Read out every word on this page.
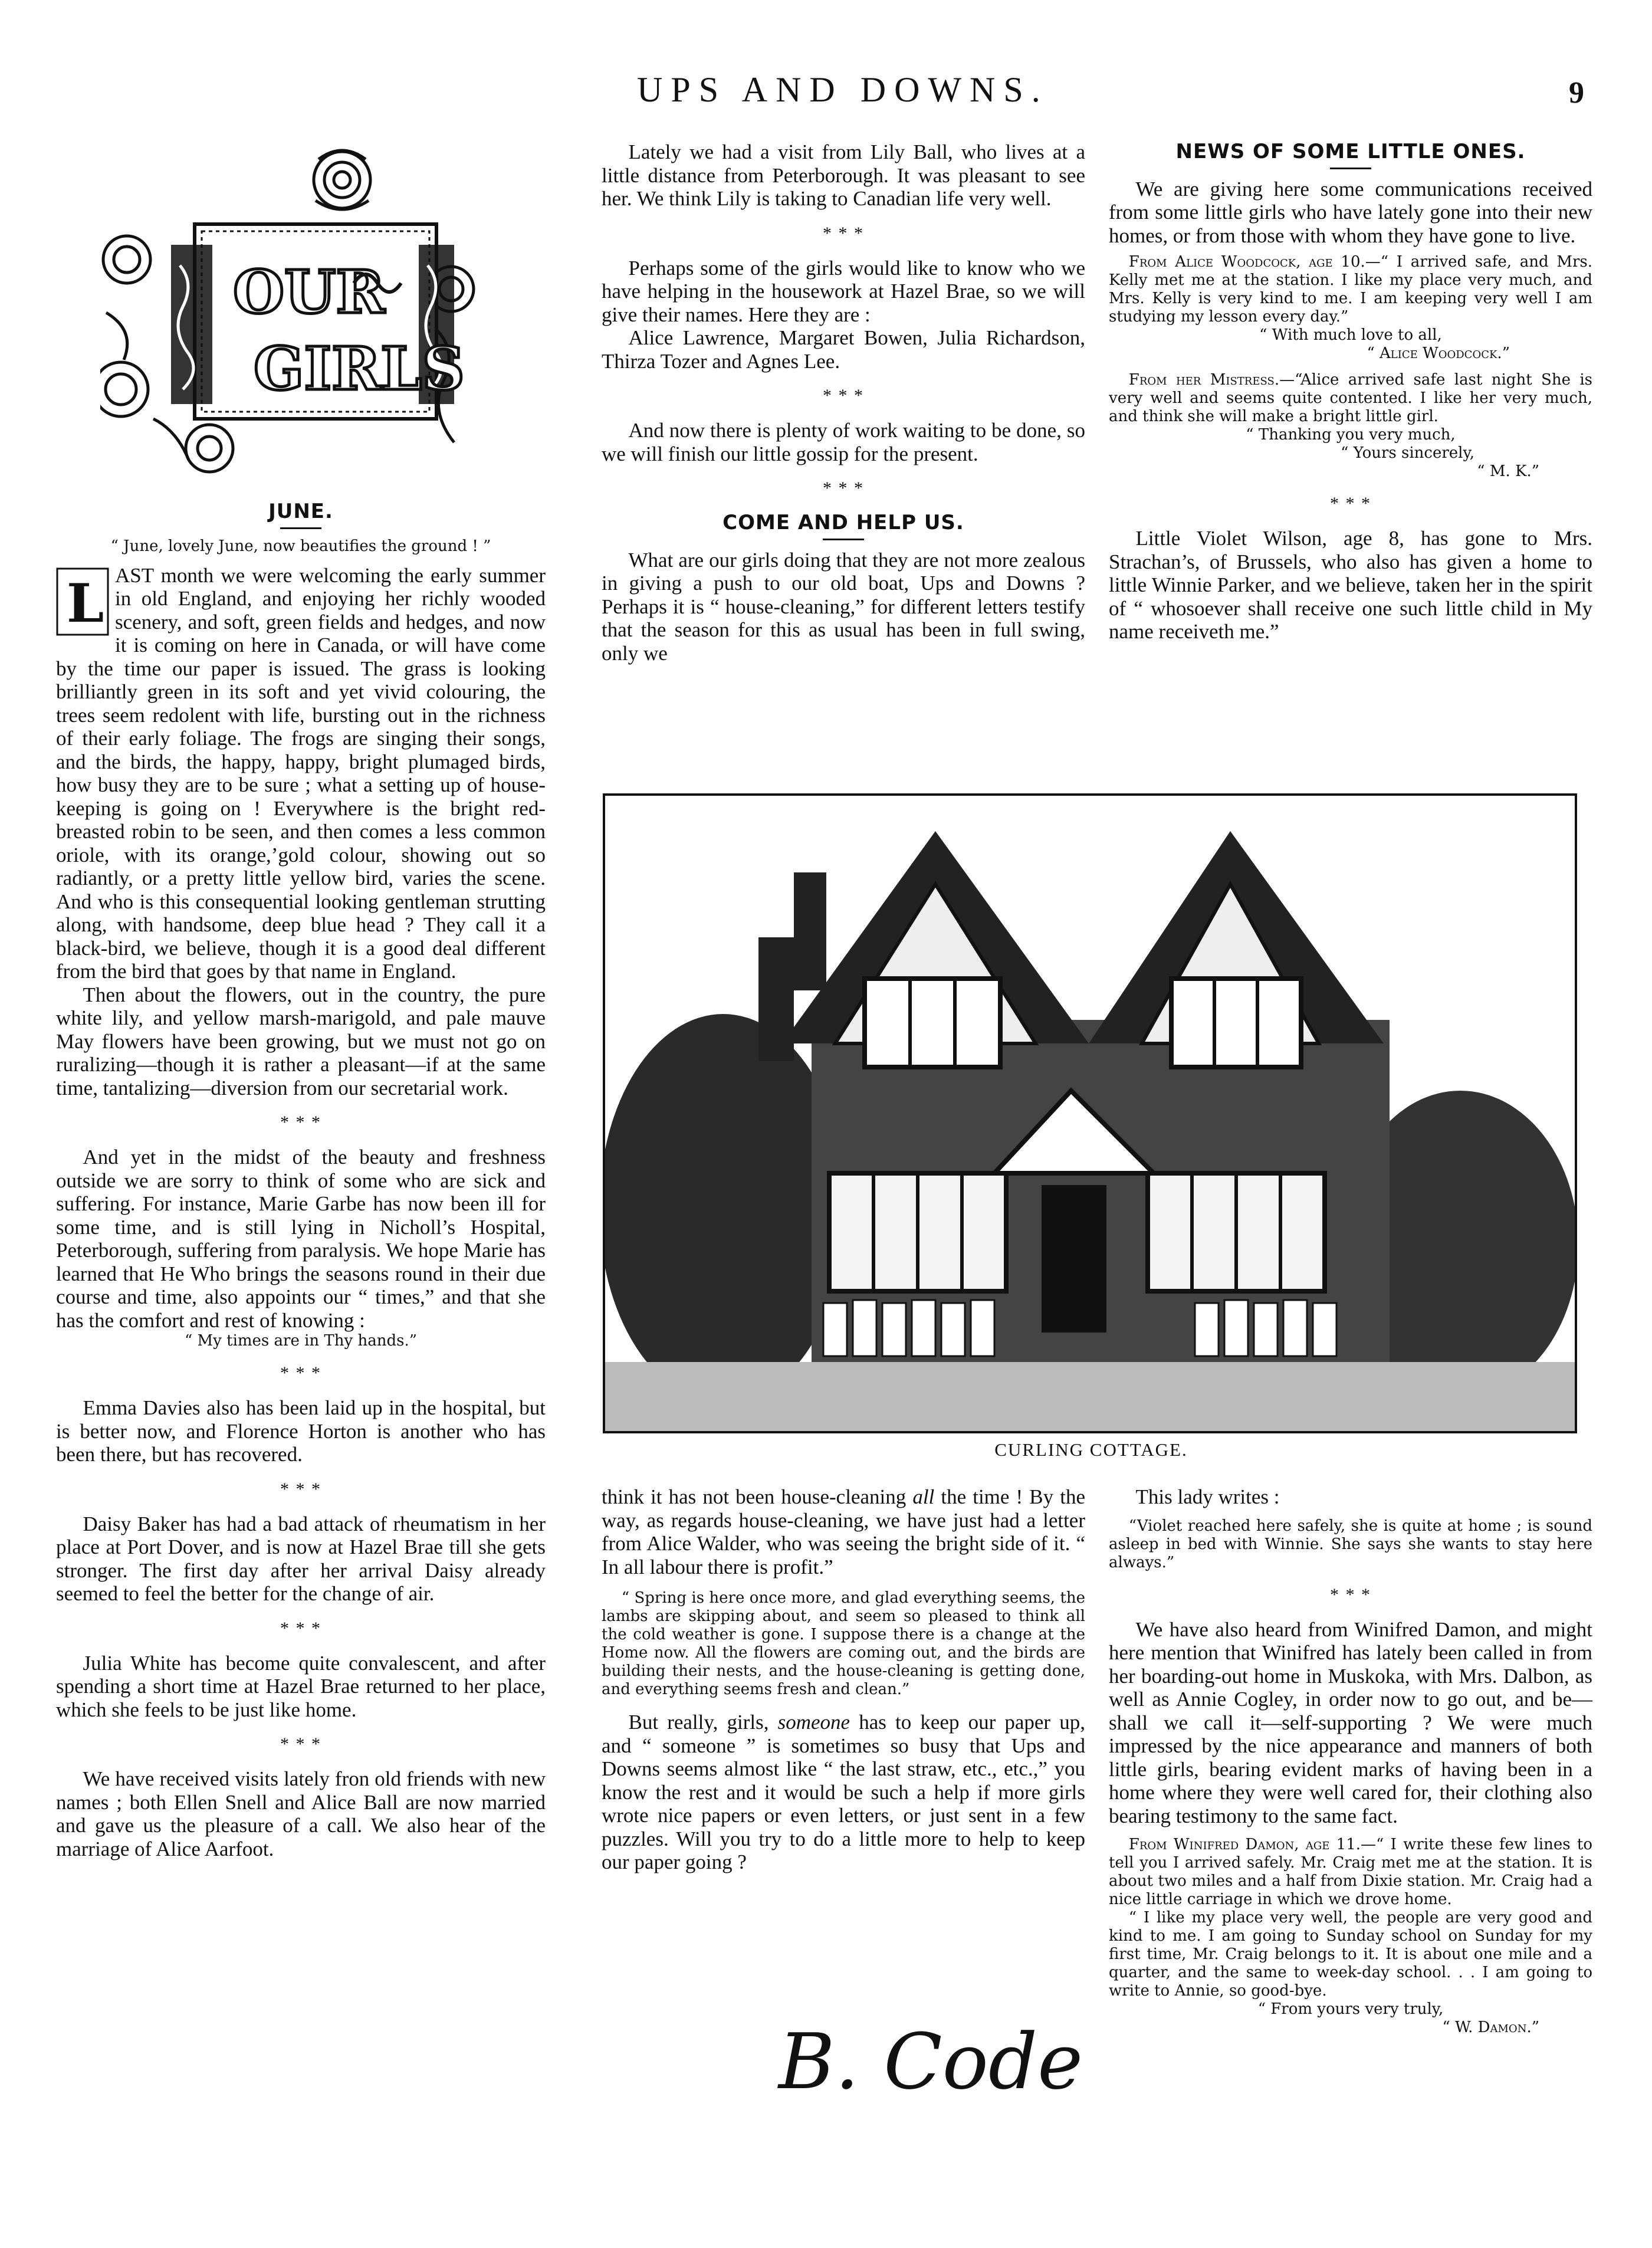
UPS AND DOWNS.	9
OUR
GIRLS
JUNE.
“ June, lovely June, now beautifies the ground ! ”

L AST month we were welcoming the early summer in old England, and enjoying her richly wooded scenery, and soft, green fields and hedges, and now it is coming on here in Canada, or will have come by the time our paper is issued. The grass is looking brilliantly green in its soft and yet vivid colouring, the trees seem redolent with life, bursting out in the richness of their early foliage. The frogs are singing their songs, and the birds, the happy, happy, bright plumaged birds, how busy they are to be sure ; what a setting up of house-keeping is going on ! Everywhere is the bright red-breasted robin to be seen, and then comes a less common oriole, with its orange,’gold colour, showing out so radiantly, or a pretty little yellow bird, varies the scene. And who is this consequential looking gentleman strutting along, with handsome, deep blue head ? They call it a black-bird, we believe, though it is a good deal different from the bird that goes by that name in England.

Then about the flowers, out in the country, the pure white lily, and yellow marsh-marigold, and pale mauve May flowers have been growing, but we must not go on ruralizing—though it is rather a pleasant—if at the same time, tantalizing—diversion from our secretarial work.

* * *

And yet in the midst of the beauty and freshness outside we are sorry to think of some who are sick and suffering. For instance, Marie Garbe has now been ill for some time, and is still lying in Nicholl’s Hospital, Peterborough, suffering from paralysis. We hope Marie has learned that He Who brings the seasons round in their due course and time, also appoints our “ times,” and that she has the comfort and rest of knowing :

“ My times are in Thy hands.”
* * *

Emma Davies also has been laid up in the hospital, but is better now, and Florence Horton is another who has been there, but has recovered.

* * *

Daisy Baker has had a bad attack of rheumatism in her place at Port Dover, and is now at Hazel Brae till she gets stronger. The first day after her arrival Daisy already seemed to feel the better for the change of air.

* * *

Julia White has become quite convalescent, and after spending a short time at Hazel Brae returned to her place, which she feels to be just like home.

* * *

We have received visits lately fron old friends with new names ; both Ellen Snell and Alice Ball are now married and gave us the pleasure of a call. We also hear of the marriage of Alice Aarfoot.

Lately we had a visit from Lily Ball, who lives at a little distance from Peterborough. It was pleasant to see her. We think Lily is taking to Canadian life very well.

* * *

Perhaps some of the girls would like to know who we have helping in the housework at Hazel Brae, so we will give their names. Here they are :

Alice Lawrence, Margaret Bowen, Julia Richardson, Thirza Tozer and Agnes Lee.

* * *

And now there is plenty of work waiting to be done, so we will finish our little gossip for the present.

* * *
COME AND HELP US.

What are our girls doing that they are not more zealous in giving a push to our old boat, Ups and Downs ? Perhaps it is “ house-cleaning,” for different letters testify that the season for this as usual has been in full swing, only we

NEWS OF SOME LITTLE ONES.

We are giving here some communications received from some little girls who have lately gone into their new homes, or from those with whom they have gone to live.

From Alice Woodcock, age 10.—“ I arrived safe, and Mrs. Kelly met me at the station. I like my place very much, and Mrs. Kelly is very kind to me. I am keeping very well I am studying my lesson every day.”

“ With much love to all,
“ Alice Woodcock.”

From her Mistress.—“Alice arrived safe last night She is very well and seems quite contented. I like her very much, and think she will make a bright little girl.

“ Thanking you very much,
“ Yours sincerely,
“ M. K.”
* * *

Little Violet Wilson, age 8, has gone to Mrs. Strachan’s, of Brussels, who also has given a home to little Winnie Parker, and we believe, taken her in the spirit of “ whosoever shall receive one such little child in My name receiveth me.”

CURLING COTTAGE.

think it has not been house-cleaning all the time ! By the way, as regards house-cleaning, we have just had a letter from Alice Walder, who was seeing the bright side of it. “ In all labour there is profit.”

“ Spring is here once more, and glad everything seems, the lambs are skipping about, and seem so pleased to think all the cold weather is gone. I suppose there is a change at the Home now. All the flowers are coming out, and the birds are building their nests, and the house-cleaning is getting done, and everything seems fresh and clean.”

But really, girls, someone has to keep our paper up, and “ someone ” is sometimes so busy that Ups and Downs seems almost like “ the last straw, etc., etc.,” you know the rest and it would be such a help if more girls wrote nice papers or even letters, or just sent in a few puzzles. Will you try to do a little more to help to keep our paper going ?

B. Code

This lady writes :

“Violet reached here safely, she is quite at home ; is sound asleep in bed with Winnie. She says she wants to stay here always.”

* * *

We have also heard from Winifred Damon, and might here mention that Winifred has lately been called in from her boarding-out home in Muskoka, with Mrs. Dalbon, as well as Annie Cogley, in order now to go out, and be—shall we call it—self-supporting ? We were much impressed by the nice appearance and manners of both little girls, bearing evident marks of having been in a home where they were well cared for, their clothing also bearing testimony to the same fact.

From Winifred Damon, age 11.—“ I write these few lines to tell you I arrived safely. Mr. Craig met me at the station. It is about two miles and a half from Dixie station. Mr. Craig had a nice little carriage in which we drove home.

“ I like my place very well, the people are very good and kind to me. I am going to Sunday school on Sunday for my first time, Mr. Craig belongs to it. It is about one mile and a quarter, and the same to week-day school. . . I am going to write to Annie, so good-bye.

“ From yours very truly,
“ W. Damon.”
